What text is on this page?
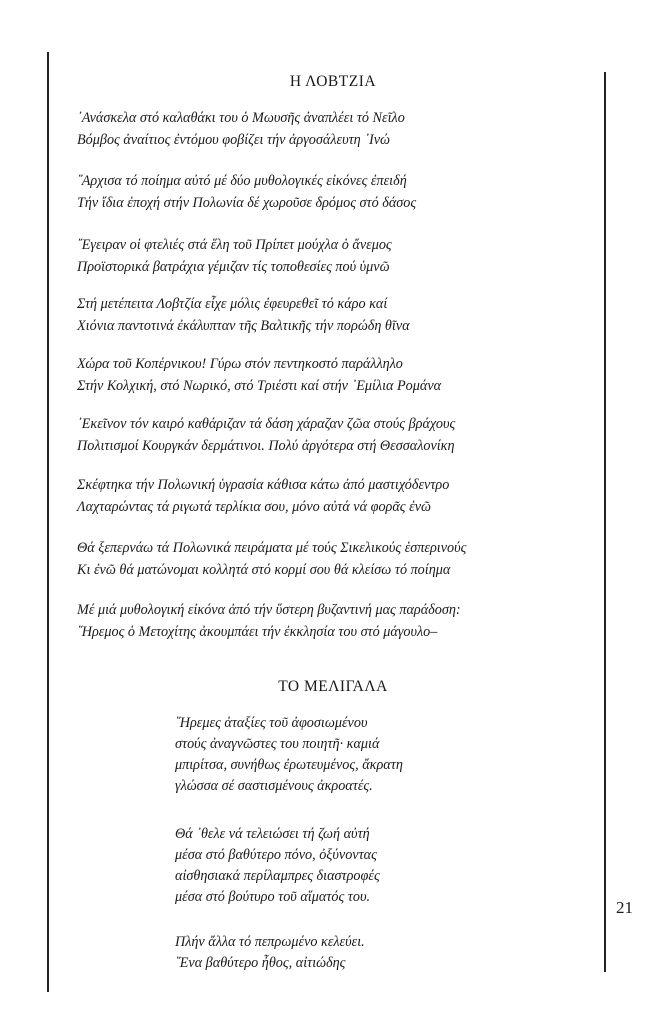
Η ΛΟΒΤΖΙΑ
᾽Ανάσκελα στό καλαθάκι του ὁ Μωυσῆς ἀναπλέει τό Νεῖλο
Βόμβος ἀναίτιος ἐντόμου φοβίζει τήν ἀργοσάλευτη ᾽Ινώ
῞Αρχισα τό ποίημα αὐτό μέ δύο μυθολογικές εἰκόνες ἐπειδή
Τήν ἴδια ἐποχή στήν Πολωνία δέ χωροῦσε δρόμος στό δάσος
῎Εγειραν οἱ φτελιές στά ἕλη τοῦ Πρίπετ μούχλα ὁ ἄνεμος
Προϊστορικά βατράχια γέμιζαν τίς τοποθεσίες πού ὑμνῶ
Στή μετέπειτα Λοβτζία εἶχε μόλις ἐφευρεθεῖ τό κάρο καί
Χιόνια παντοτινά ἐκάλυπταν τῆς Βαλτικῆς τήν πορώδη θῖνα
Χώρα τοῦ Κοπέρνικου! Γύρω στόν πεντηκοστό παράλληλο
Στήν Κολχική, στό Νωρικό, στό Τριέστι καί στήν ᾽Εμίλια Ρομάνα
᾽Εκεῖνον τόν καιρό καθάριζαν τά δάση χάραζαν ζῶα στούς βράχους
Πολιτισμοί Κουργκάν δερμάτινοι. Πολύ ἀργότερα στή Θεσσαλονίκη
Σκέφτηκα τήν Πολωνική ὑγρασία κάθισα κάτω ἀπό μαστιχόδεντρο
Λαχταρώντας τά ριγωτά τερλίκια σου, μόνο αὐτά νά φορᾶς ἐνῶ
Θά ξεπερνάω τά Πολωνικά πειράματα μέ τούς Σικελικούς ἑσπερινούς
Κι ἐνῶ θά ματώνομαι κολλητά στό κορμί σου θά κλείσω τό ποίημα
Μέ μιά μυθολογική εἰκόνα ἀπό τήν ὕστερη βυζαντινή μας παράδοση:
῞Ηρεμος ὁ Μετοχίτης ἀκουμπάει τήν ἐκκλησία του στό μάγουλο–
ΤΟ ΜΕΛΙΓΑΛΑ
῞Ηρεμες ἀταξίες τοῦ ἀφοσιωμένου
στούς ἀναγνῶστες του ποιητῆ· καμιά
μπιρίτσα, συνήθως ἐρωτευμένος, ἄκρατη
γλώσσα σέ σαστισμένους ἀκροατές.
Θά ᾽θελε νά τελειώσει τή ζωή αὐτή
μέσα στό βαθύτερο πόνο, ὀξύνοντας
αἰσθησιακά περίλαμπρες διαστροφές
μέσα στό βούτυρο τοῦ αἵματός του.
Πλήν ἄλλα τό πεπρωμένο κελεύει.
῞Ενα βαθύτερο ἦθος, αἰτιώδης
21
